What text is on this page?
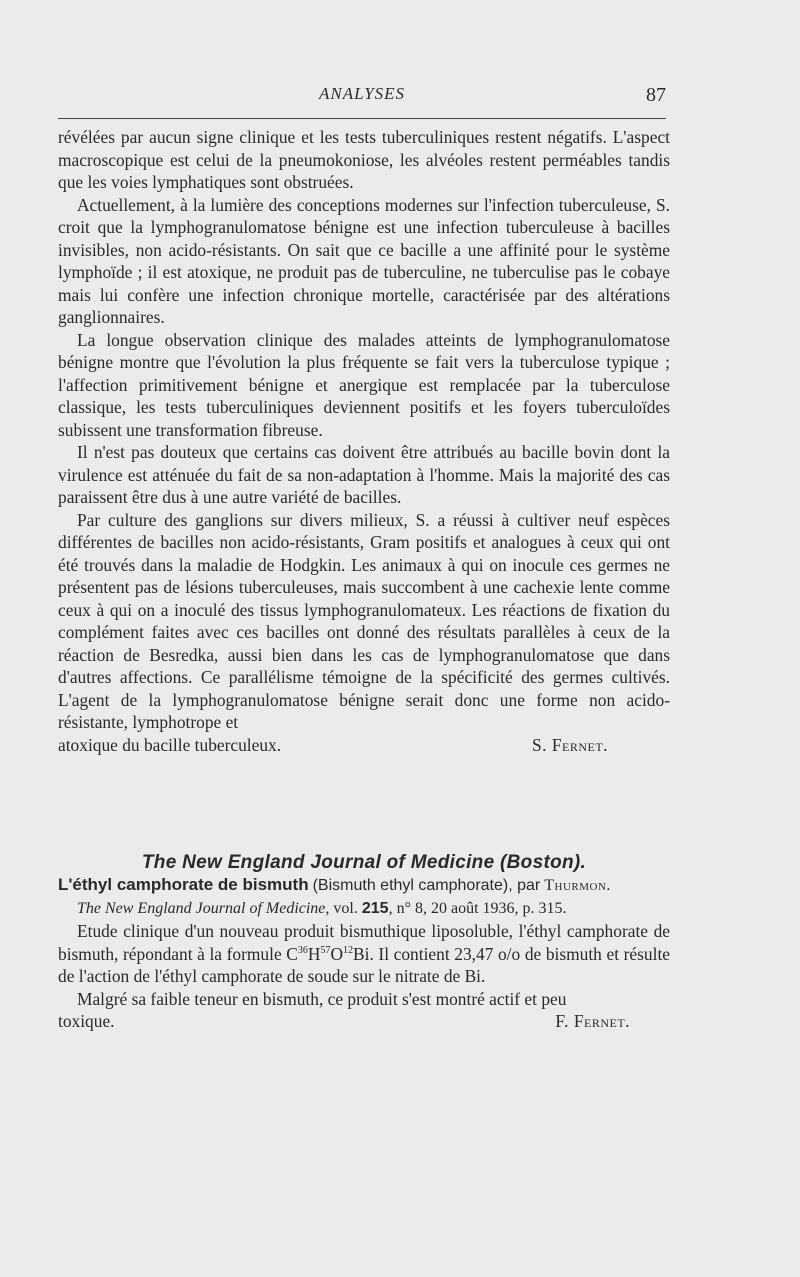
ANALYSES	87

révélées par aucun signe clinique et les tests tuberculiniques restent négatifs. L'aspect macroscopique est celui de la pneumokoniose, les alvéoles restent perméables tandis que les voies lymphatiques sont obstruées.

Actuellement, à la lumière des conceptions modernes sur l'infection tuberculeuse, S. croit que la lymphogranulomatose bénigne est une infection tuberculeuse à bacilles invisibles, non acido-résistants. On sait que ce bacille a une affinité pour le système lymphoïde ; il est atoxique, ne produit pas de tuberculine, ne tuberculise pas le cobaye mais lui confère une infection chronique mortelle, caractérisée par des altérations ganglionnaires.

La longue observation clinique des malades atteints de lymphogranulomatose bénigne montre que l'évolution la plus fréquente se fait vers la tuberculose typique ; l'affection primitivement bénigne et anergique est remplacée par la tuberculose classique, les tests tuberculiniques deviennent positifs et les foyers tuberculoïdes subissent une transformation fibreuse.

Il n'est pas douteux que certains cas doivent être attribués au bacille bovin dont la virulence est atténuée du fait de sa non-adaptation à l'homme. Mais la majorité des cas paraissent être dus à une autre variété de bacilles.

Par culture des ganglions sur divers milieux, S. a réussi à cultiver neuf espèces différentes de bacilles non acido-résistants, Gram positifs et analogues à ceux qui ont été trouvés dans la maladie de Hodgkin. Les animaux à qui on inocule ces germes ne présentent pas de lésions tuberculeuses, mais succombent à une cachexie lente comme ceux à qui on a inoculé des tissus lymphogranulomateux. Les réactions de fixation du complément faites avec ces bacilles ont donné des résultats parallèles à ceux de la réaction de Besredka, aussi bien dans les cas de lymphogranulomatose que dans d'autres affections. Ce parallélisme témoigne de la spécificité des germes cultivés. L'agent de la lymphogranulomatose bénigne serait donc une forme non acido-résistante, lymphotrope et

atoxique du bacille tuberculeux.	S. Fernet.
The New England Journal of Medicine (Boston).
L'éthyl camphorate de bismuth (Bismuth ethyl camphorate), par Thurmon.
The New England Journal of Medicine, vol. 215, n° 8, 20 août 1936, p. 315.

Etude clinique d'un nouveau produit bismuthique liposoluble, l'éthyl camphorate de bismuth, répondant à la formule $C^{36}H^{57}O^{12}Bi$. Il contient 23,47 o/o de bismuth et résulte de l'action de l'éthyl camphorate de soude sur le nitrate de Bi.

Malgré sa faible teneur en bismuth, ce produit s'est montré actif et peu

toxique.	F. Fernet.
